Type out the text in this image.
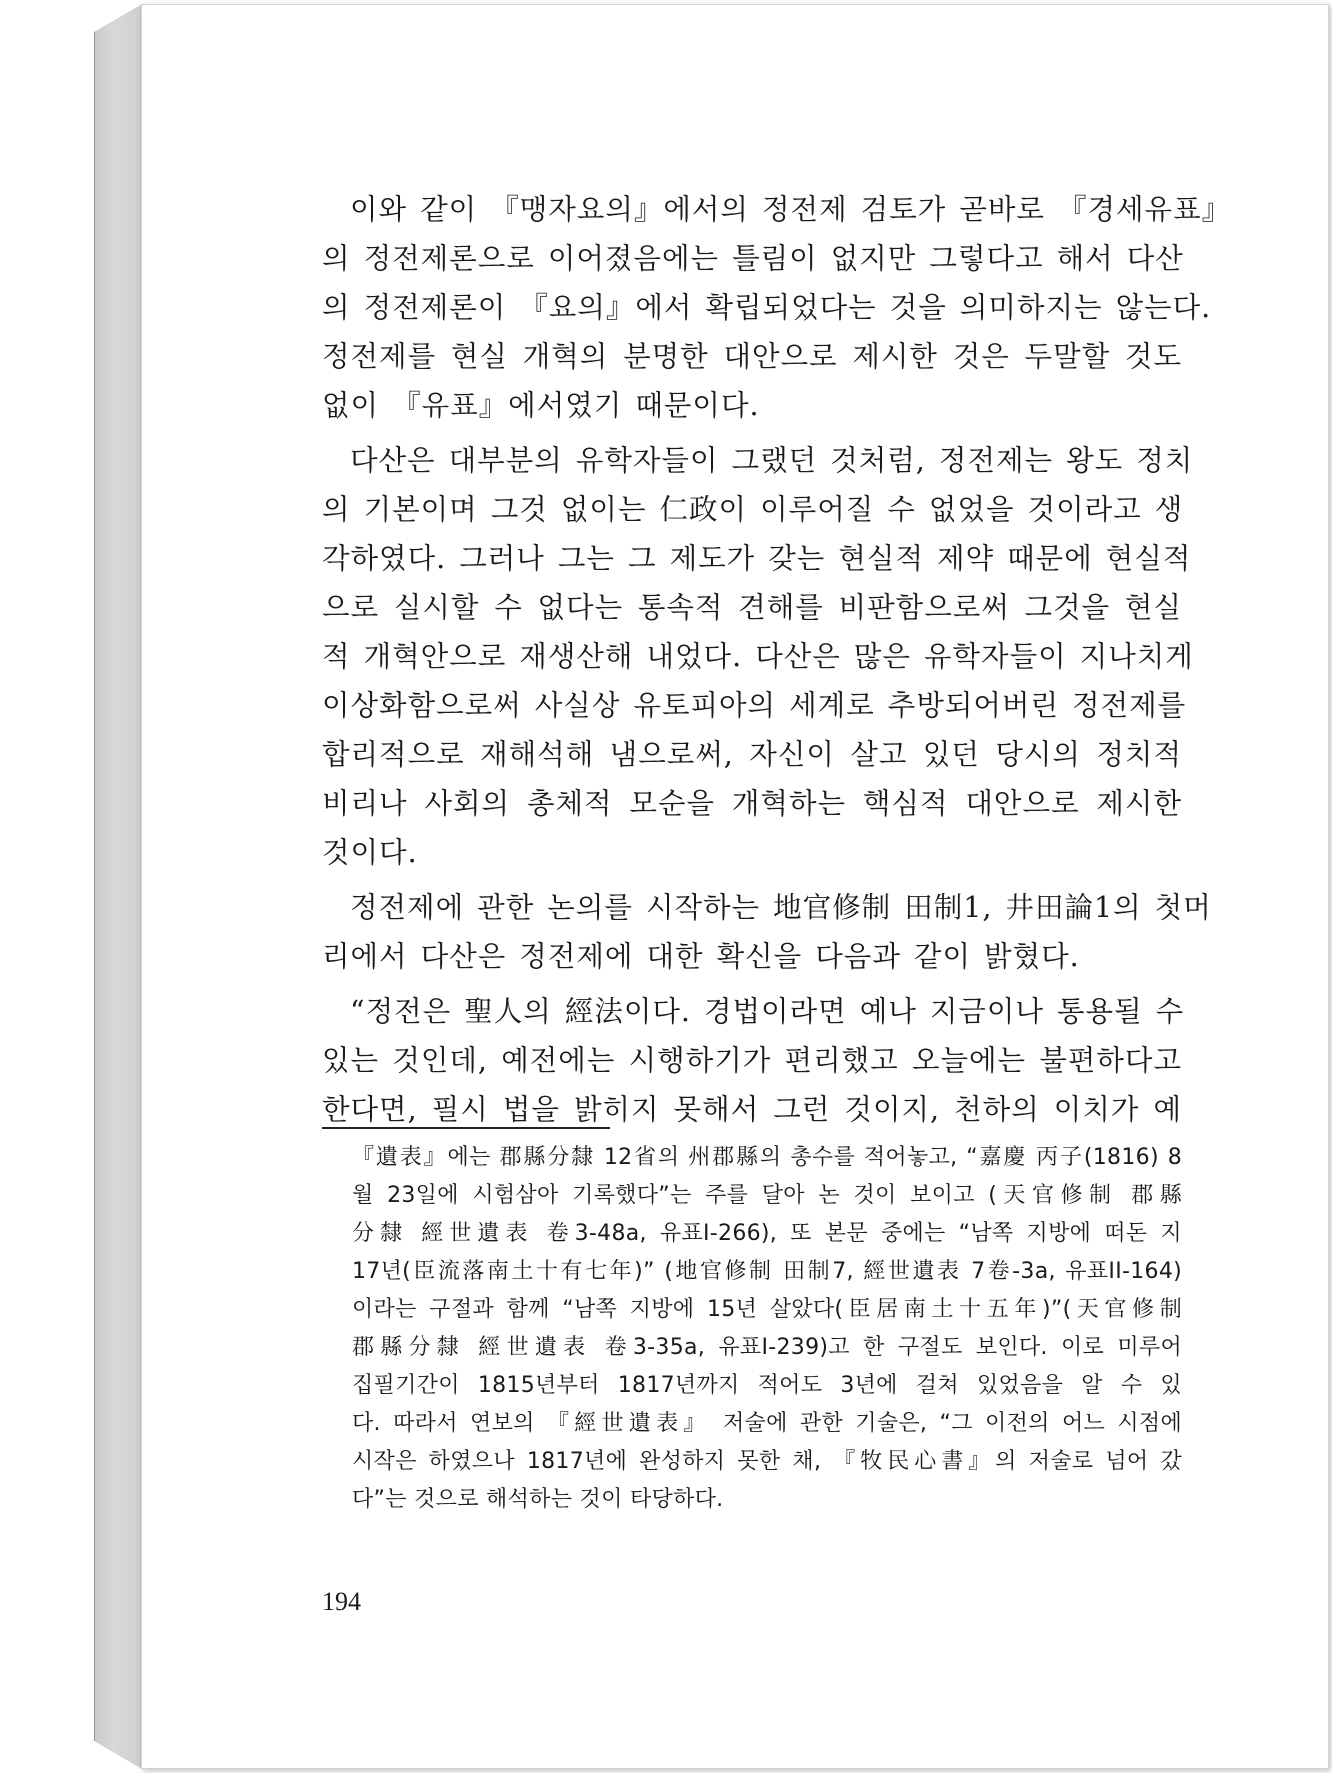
이와 같이 『맹자요의』에서의 정전제 검토가 곧바로 『경세유표』
의 정전제론으로 이어졌음에는 틀림이 없지만 그렇다고 해서 다산
의 정전제론이 『요의』에서 확립되었다는 것을 의미하지는 않는다.
정전제를 현실 개혁의 분명한 대안으로 제시한 것은 두말할 것도
없이 『유표』에서였기 때문이다.

다산은 대부분의 유학자들이 그랬던 것처럼, 정전제는 왕도 정치
의 기본이며 그것 없이는 仁政이 이루어질 수 없었을 것이라고 생
각하였다. 그러나 그는 그 제도가 갖는 현실적 제약 때문에 현실적
으로 실시할 수 없다는 통속적 견해를 비판함으로써 그것을 현실
적 개혁안으로 재생산해 내었다. 다산은 많은 유학자들이 지나치게
이상화함으로써 사실상 유토피아의 세계로 추방되어버린 정전제를
합리적으로 재해석해 냄으로써, 자신이 살고 있던 당시의 정치적
비리나 사회의 총체적 모순을 개혁하는 핵심적 대안으로 제시한
것이다.

정전제에 관한 논의를 시작하는 地官修制 田制1, 井田論1의 첫머
리에서 다산은 정전제에 대한 확신을 다음과 같이 밝혔다.

“정전은 聖人의 經法이다. 경법이라면 예나 지금이나 통용될 수
있는 것인데, 예전에는 시행하기가 편리했고 오늘에는 불편하다고
한다면, 필시 법을 밝히지 못해서 그런 것이지, 천하의 이치가 예

『遺表』에는 郡縣分隸 12省의 州郡縣의 총수를 적어놓고, “嘉慶 丙子(1816) 8
월 23일에 시험삼아 기록했다”는 주를 달아 논 것이 보이고 (天官修制 郡縣
分隸 經世遺表 卷3-48a, 유표I-266), 또 본문 중에는 “남쪽 지방에 떠돈 지
17년(臣流落南土十有七年)” (地官修制 田制7, 經世遺表 7卷-3a, 유표II-164)
이라는 구절과 함께 “남쪽 지방에 15년 살았다(臣居南土十五年)”(天官修制
郡縣分隸 經世遺表 卷3-35a, 유표I-239)고 한 구절도 보인다. 이로 미루어
집필기간이 1815년부터 1817년까지 적어도 3년에 걸쳐 있었음을 알 수 있
다. 따라서 연보의 『經世遺表』 저술에 관한 기술은, “그 이전의 어느 시점에
시작은 하였으나 1817년에 완성하지 못한 채, 『牧民心書』의 저술로 넘어 갔
다”는 것으로 해석하는 것이 타당하다.
194
